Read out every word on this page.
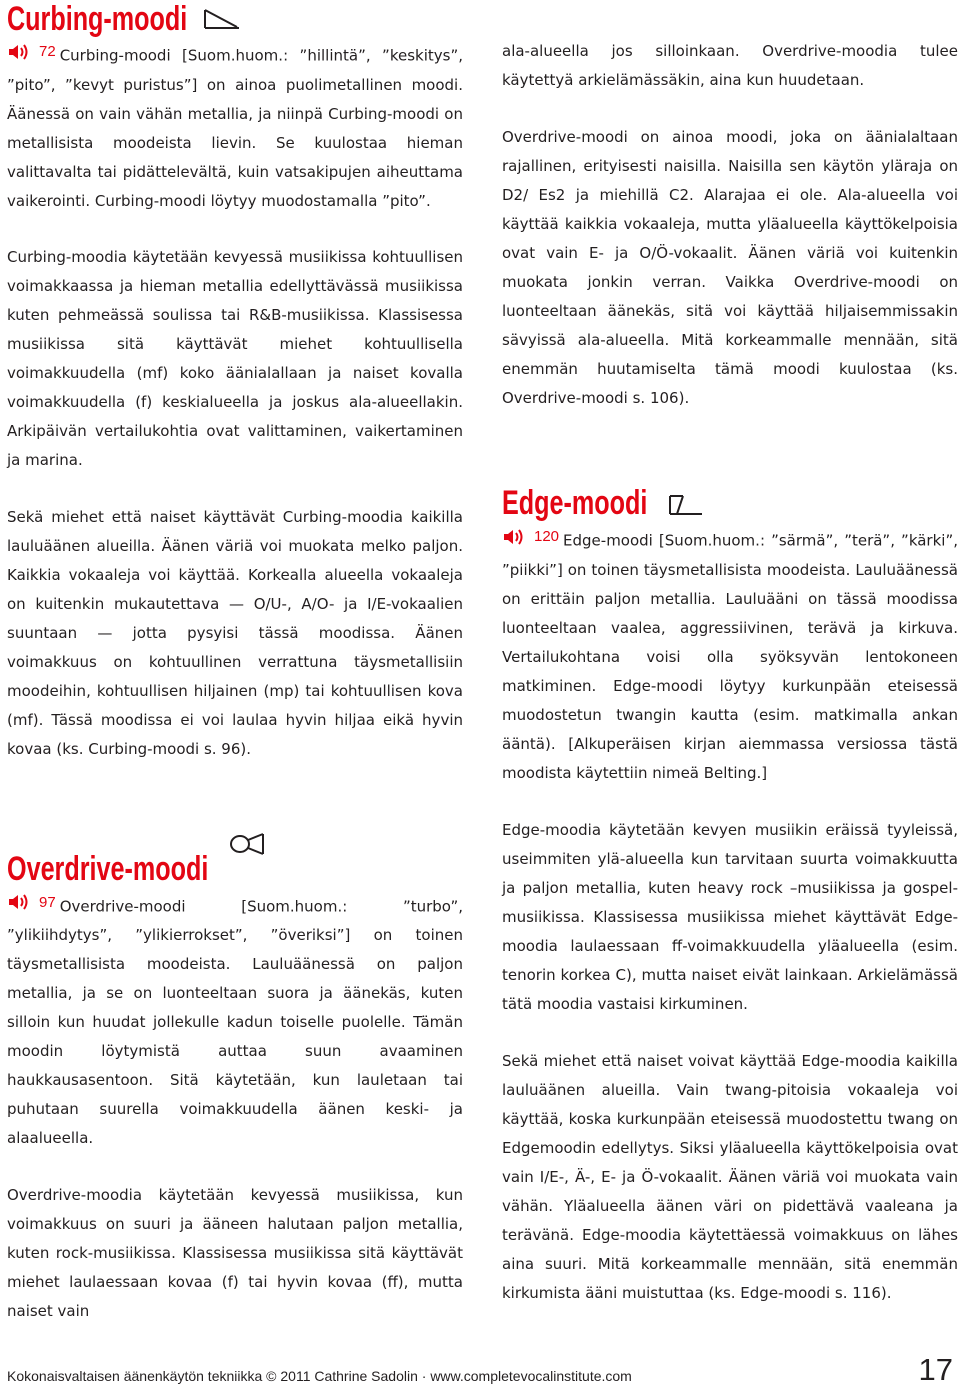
Curbing-moodi

72 Curbing-moodi [Suom.huom.: ”hillintä”, ”keskitys”, ”pito”, ”kevyt puristus”] on ainoa puolimetallinen moodi. Äänessä on vain vähän metallia, ja niinpä Curbing-moodi on metallisista moodeista lievin. Se kuulostaa hieman valittavalta tai pidättelevältä, kuin vatsakipujen aiheuttama vaikerointi. Curbing-moodi löytyy muodostamalla ”pito”.

Curbing-moodia käytetään kevyessä musiikissa kohtuullisen voimakkaassa ja hieman metallia edellyttävässä musiikissa kuten pehmeässä soulissa tai R&B-musiikissa. Klassisessa musiikissa sitä käyttävät miehet kohtuullisella voimakkuudella (mf) koko äänialallaan ja naiset kovalla voimakkuudella (f) keskialueella ja joskus ala-alueellakin. Arkipäivän vertailukohtia ovat valittaminen, vaikertaminen ja marina.

Sekä miehet että naiset käyttävät Curbing-moodia kaikilla lauluäänen alueilla. Äänen väriä voi muokata melko paljon. Kaikkia vokaaleja voi käyttää. Korkealla alueella vokaaleja on kuitenkin mukautettava — O/U-, A/O- ja I/E-vokaalien suuntaan — jotta pysyisi tässä moodissa. Äänen voimakkuus on kohtuullinen verrattuna täysmetallisiin moodeihin, kohtuullisen hiljainen (mp) tai kohtuullisen kova (mf). Tässä moodissa ei voi laulaa hyvin hiljaa eikä hyvin kovaa (ks. Curbing-moodi s. 96).

Overdrive-moodi

97 Overdrive-moodi [Suom.huom.: ”turbo”, ”ylikiihdytys”, ”ylikierrokset”, ”överiksi”] on toinen täysmetallisista moodeista. Lauluäänessä on paljon metallia, ja se on luonteeltaan suora ja äänekäs, kuten silloin kun huudat jollekulle kadun toiselle puolelle. Tämän moodin löytymistä auttaa suun avaaminen haukkausasentoon. Sitä käytetään, kun lauletaan tai puhutaan suurella voimakkuudella äänen keski- ja alaalueella.

Overdrive-moodia käytetään kevyessä musiikissa, kun voimakkuus on suuri ja ääneen halutaan paljon metallia, kuten rock-musiikissa. Klassisessa musiikissa sitä käyttävät miehet laulaessaan kovaa (f) tai hyvin kovaa (ff), mutta naiset vain

ala-alueella jos silloinkaan. Overdrive-moodia tulee käytettyä arkielämässäkin, aina kun huudetaan.

Overdrive-moodi on ainoa moodi, joka on äänialaltaan rajallinen, erityisesti naisilla. Naisilla sen käytön yläraja on D2/ Es2 ja miehillä C2. Alarajaa ei ole. Ala-alueella voi käyttää kaikkia vokaaleja, mutta yläalueella käyttökelpoisia ovat vain E- ja O/Ö-vokaalit. Äänen väriä voi kuitenkin muokata jonkin verran. Vaikka Overdrive-moodi on luonteeltaan äänekäs, sitä voi käyttää hiljaisemmissakin sävyissä ala-alueella. Mitä korkeammalle mennään, sitä enemmän huutamiselta tämä moodi kuulostaa (ks. Overdrive-moodi s. 106).

Edge-moodi

120 Edge-moodi [Suom.huom.: ”särmä”, ”terä”, ”kärki”, ”piikki”] on toinen täysmetallisista moodeista. Lauluäänessä on erittäin paljon metallia. Lauluääni on tässä moodissa luonteeltaan vaalea, aggressiivinen, terävä ja kirkuva. Vertailukohtana voisi olla syöksyvän lentokoneen matkiminen. Edge-moodi löytyy kurkunpään eteisessä muodostetun twangin kautta (esim. matkimalla ankan ääntä). [Alkuperäisen kirjan aiemmassa versiossa tästä moodista käytettiin nimeä Belting.]

Edge-moodia käytetään kevyen musiikin eräissä tyyleissä, useimmiten ylä-alueella kun tarvitaan suurta voimakkuutta ja paljon metallia, kuten heavy rock –musiikissa ja gospel-musiikissa. Klassisessa musiikissa miehet käyttävät Edge-moodia laulaessaan ff-voimakkuudella yläalueella (esim. tenorin korkea C), mutta naiset eivät lainkaan. Arkielämässä tätä moodia vastaisi kirkuminen.

Sekä miehet että naiset voivat käyttää Edge-moodia kaikilla lauluäänen alueilla. Vain twang-pitoisia vokaaleja voi käyttää, koska kurkunpään eteisessä muodostettu twang on Edgemoodin edellytys. Siksi yläalueella käyttökelpoisia ovat vain I/E-, Ä-, E- ja Ö-vokaalit. Äänen väriä voi muokata vain vähän. Yläalueella äänen väri on pidettävä vaaleana ja terävänä. Edge-moodia käytettäessä voimakkuus on lähes aina suuri. Mitä korkeammalle mennään, sitä enemmän kirkumista ääni muistuttaa (ks. Edge-moodi s. 116).

Kokonaisvaltaisen äänenkäytön tekniikka © 2011 Cathrine Sadolin · www.completevocalinstitute.com	17
